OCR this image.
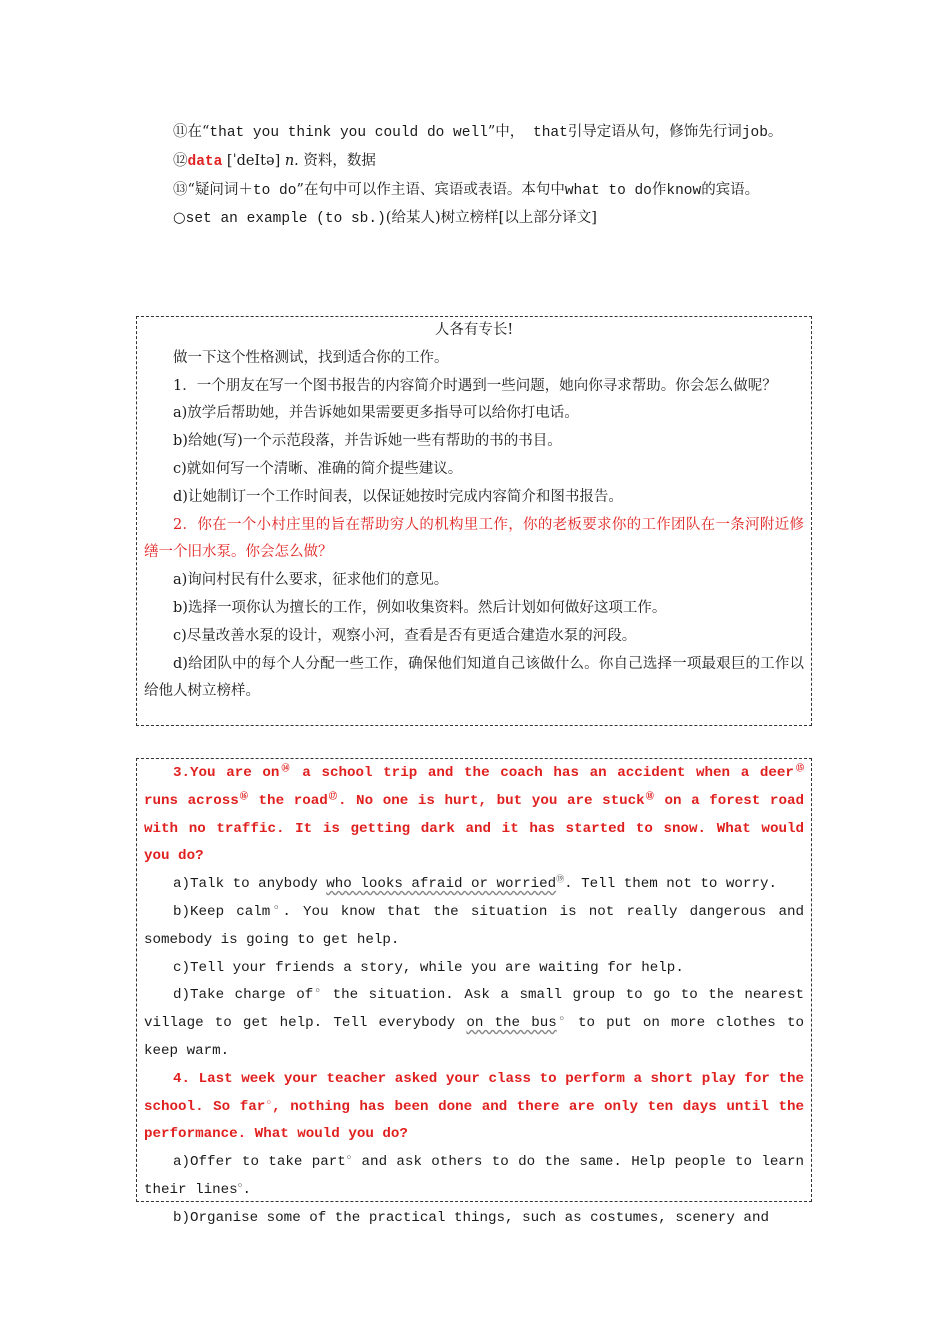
⑪在“that you think you could do well”中， that引导定语从句，修饰先行词job。

⑫data [ˈdeItə] n. 资料，数据

⑬“疑问词＋to do”在句中可以作主语、宾语或表语。本句中what to do作know的宾语。

○set an example (to sb.)(给某人)树立榜样[以上部分译文]

人各有专长!

做一下这个性格测试，找到适合你的工作。

1．一个朋友在写一个图书报告的内容简介时遇到一些问题，她向你寻求帮助。你会怎么做呢？

a)放学后帮助她，并告诉她如果需要更多指导可以给你打电话。

b)给她(写)一个示范段落，并告诉她一些有帮助的书的书目。

c)就如何写一个清晰、准确的简介提些建议。

d)让她制订一个工作时间表，以保证她按时完成内容简介和图书报告。

2．你在一个小村庄里的旨在帮助穷人的机构里工作，你的老板要求你的工作团队在一条河附近修缮一个旧水泵。你会怎么做？

a)询问村民有什么要求，征求他们的意见。

b)选择一项你认为擅长的工作，例如收集资料。然后计划如何做好这项工作。

c)尽量改善水泵的设计，观察小河，查看是否有更适合建造水泵的河段。

d)给团队中的每个人分配一些工作，确保他们知道自己该做什么。你自己选择一项最艰巨的工作以给他人树立榜样。

3.You are on⑭ a school trip and the coach has an accident when a deer⑮ runs across⑯ the road⑰. No one is hurt, but you are stuck⑱ on a forest road with no traffic. It is getting dark and it has started to snow. What would you do?

a)Talk to anybody who looks afraid or worried⑲. Tell them not to worry.

b)Keep calm○. You know that the situation is not really dangerous and somebody is going to get help.

c)Tell your friends a story, while you are waiting for help.

d)Take charge of○ the situation. Ask a small group to go to the nearest village to get help. Tell everybody on the bus○ to put on more clothes to keep warm.

4. Last week your teacher asked your class to perform a short play for the school. So far○, nothing has been done and there are only ten days until the performance. What would you do?

a)Offer to take part○ and ask others to do the same. Help people to learn their lines○.

b)Organise some of the practical things, such as costumes, scenery and
